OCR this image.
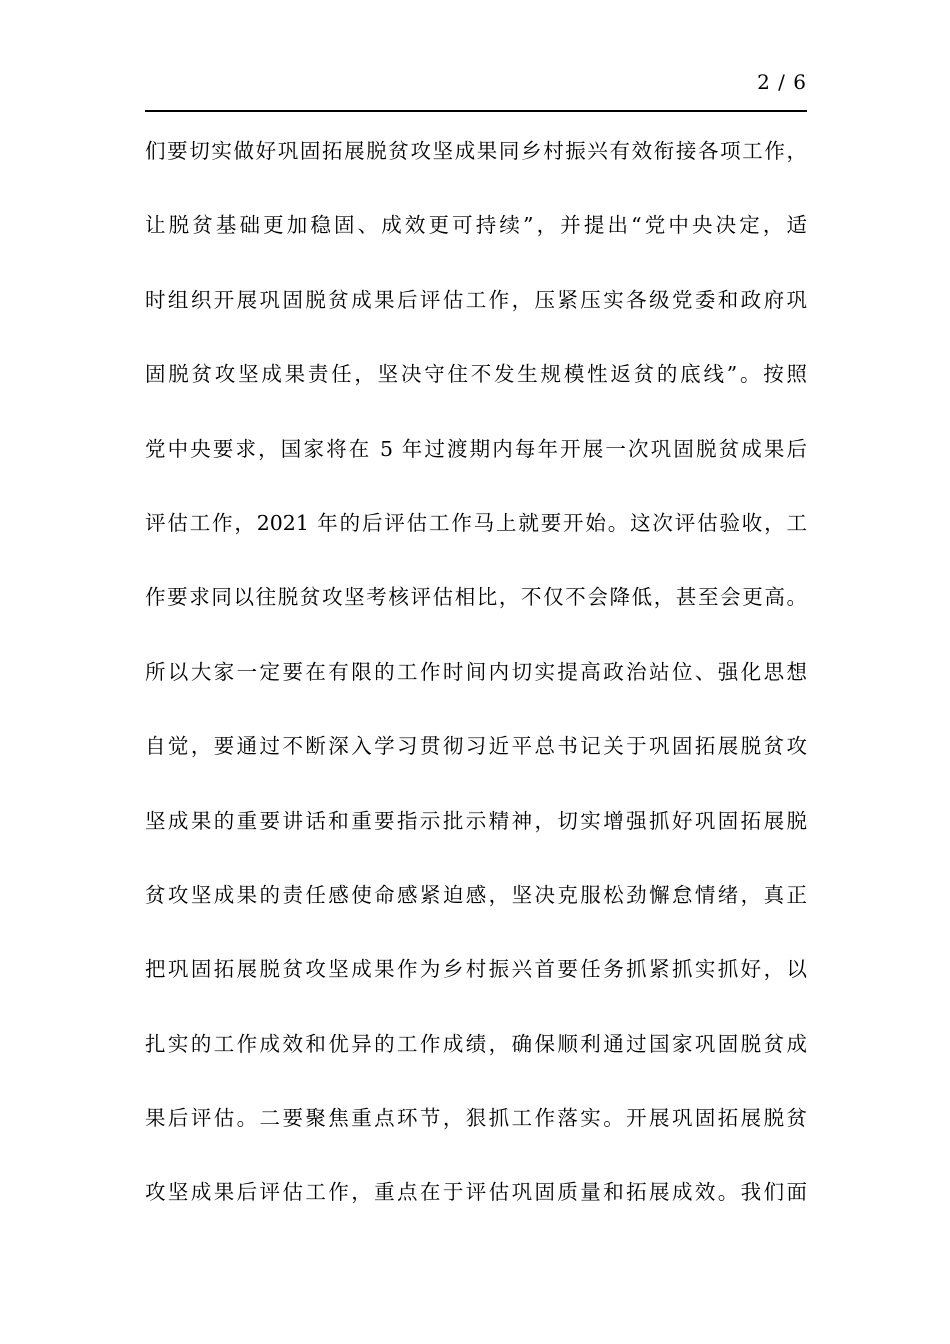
2 / 6
们要切实做好巩固拓展脱贫攻坚成果同乡村振兴有效衔接各项工作，
让脱贫基础更加稳固、成效更可持续”，并提出“党中央决定，适
时组织开展巩固脱贫成果后评估工作，压紧压实各级党委和政府巩
固脱贫攻坚成果责任，坚决守住不发生规模性返贫的底线”。按照
党中央要求，国家将在 5 年过渡期内每年开展一次巩固脱贫成果后
评估工作，2021 年的后评估工作马上就要开始。这次评估验收，工
作要求同以往脱贫攻坚考核评估相比，不仅不会降低，甚至会更高。
所以大家一定要在有限的工作时间内切实提高政治站位、强化思想
自觉，要通过不断深入学习贯彻习近平总书记关于巩固拓展脱贫攻
坚成果的重要讲话和重要指示批示精神，切实增强抓好巩固拓展脱
贫攻坚成果的责任感使命感紧迫感，坚决克服松劲懈怠情绪，真正
把巩固拓展脱贫攻坚成果作为乡村振兴首要任务抓紧抓实抓好，以
扎实的工作成效和优异的工作成绩，确保顺利通过国家巩固脱贫成
果后评估。二要聚焦重点环节，狠抓工作落实。开展巩固拓展脱贫
攻坚成果后评估工作，重点在于评估巩固质量和拓展成效。我们面
